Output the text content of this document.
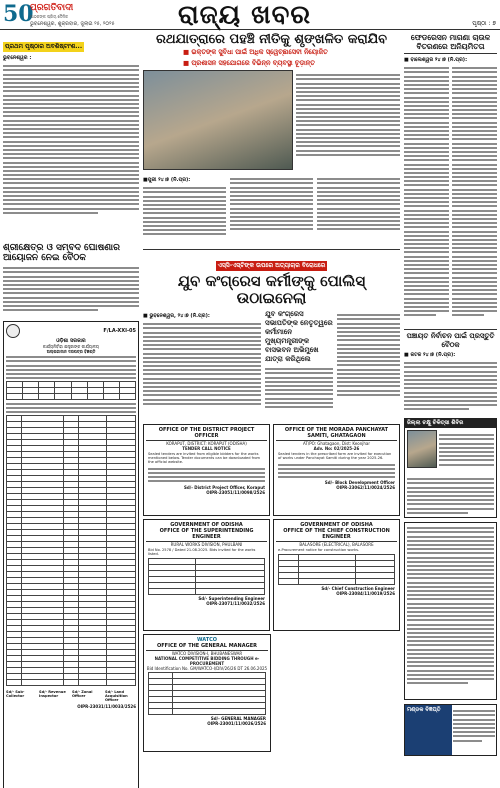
50
ପ୍ରଗତିବାଦୀ
ପାଠକଙ୍କ ପ୍ରିୟ ଦୈନିକ
ଭୁବନେଶ୍ୱର, ଶୁକ୍ରବାର, ଜୁଲାଇ ୨୫, ୨୦୨୫ ରାଜ୍ୟ ଖବର	ପୃଷ୍ଠା : ୭
ପ୍ରଥମ ପୃଷ୍ଠାର ଅବଶିଷ୍ଟାଂଶ...
ଭୁବନେଶ୍ୱର :
ଶ୍ରୀକ୍ଷେତ୍ର ଓ ସମ୍ବଦ ଘୋଷଣାର ଆୟୋଜନ ନେଇ ବୈଠକ
F/LA-XXI-05
ଓଡ଼ିଶା ସରକାର
କାର୍ଯ୍ୟନିର୍ବାହୀ ଯନ୍ତ୍ରୀଙ୍କ କାର୍ଯ୍ୟାଳୟ
ଅଲ୍ପକାଳୀନ ଦରପତ୍ର ବିଜ୍ଞପ୍ତି
Sd/- Sub-Collector
Sd/- Revenue Inspector
Sd/- Zonal Officer
Sd/- Land Acquisition Officer
OIPR-23031/11/0033/2526
ରଥଯାତ୍ରାରେ ପହଞ୍ଚି ନୀତିକୁ ଶୃଙ୍ଖଳିତ କରାଯିବ
■ ଭକ୍ତଙ୍କ ସୁବିଧା ପାଇଁ ଅଧିକ ସ୍ୱେଚ୍ଛାସେବୀ ନିୟୋଜିତ
■ ପ୍ରଶାସନ ସହଯୋଗରେ ବିଭିନ୍ନ ବ୍ୟବସ୍ଥା ଚୂଡ଼ାନ୍ତ
■ପୁରୀ ୨୪।୭ (ନି.ପ୍ର):
ଏସ୍‌ସି-ଏସ୍‌ଟିଙ୍କ ଉପରେ ଅତ୍ୟାଚାର ବିରୋଧରେ
ଯୁବ କଂଗ୍ରେସ କର୍ମୀଙ୍କୁ ପୋଲିସ୍ ଉଠାଇନେଲା
■ ଭୁବନେଶ୍ୱର, ୨୪।୭ (ନି.ପ୍ର):	ଯୁବ କଂଗ୍ରେସ ସଭାପତିଙ୍କ ନେତୃତ୍ୱରେ କର୍ମୀମାନେ ମୁଖ୍ୟମନ୍ତ୍ରୀଙ୍କ ବାସଭବନ ଅଭିମୁଖେ ଯାତ୍ରା କରିଥିଲେ
OFFICE OF THE DISTRICT PROJECT OFFICER
KORAPUT, DISTRICT: KORAPUT (ODISHA)
TENDER CALL NOTICE
Sealed tenders are invited from eligible bidders for the works mentioned below. Tender documents can be downloaded from the official website.
Sd/- District Project Officer, Koraput
OIPR-23051/11/0098/2526
OFFICE OF THE MORADA PANCHAYAT SAMITI, GHATAGAON
AT/PO: Ghatagaon, Dist: Keonjhar
Adv. No: 02/2025-26
Sealed tenders in the prescribed form are invited for execution of works under Panchayat Samiti during the year 2025-26.
Sd/- Block Development Officer
OIPR-23062/11/0024/2526
GOVERNMENT OF ODISHA
OFFICE OF THE SUPERINTENDING ENGINEER
RURAL WORKS DIVISION, PHULBANI
Bid No. 2578 / Dated 21.08.2025. Bids invited for the works listed.
Sd/- Superintending Engineer
OIPR-23071/11/0032/2526
GOVERNMENT OF ODISHA
OFFICE OF THE CHIEF CONSTRUCTION ENGINEER
BALASORE (ELECTRICAL), BALASORE
e-Procurement notice for construction works.
Sd/- Chief Construction Engineer
OIPR-23084/11/0019/2526
WATCO
OFFICE OF THE GENERAL MANAGER
WATCO DIVISION-I, BHUBANESWAR
NATIONAL COMPETITIVE BIDDING THROUGH e-PROCUREMENT
Bid Identification No. GM/WATCO-I/DIV/26/26 DT 26.06.2025
Sd/- GENERAL MANAGER
OIPR-23001/11/0026/2526
ଫେଡରେସନ ମାଗଣା ଚାଉଳ ବିତରଣରେ ଅନିୟମିତତା
■ ବାଲେଶ୍ୱର ୨୪।୭ (ନି.ପ୍ର):
ପଞ୍ଚାୟତ ନିର୍ବାଚନ ପାଇଁ ପ୍ରସ୍ତୁତି ବୈଠକ
■ କଟକ ୨୪।୭ (ନି.ପ୍ର):
ଜିଲ୍ଲା ଚକ୍ଷୁ ଚିକିତ୍ସା ଶିବିର
ମଣ୍ଡଳ ବିଜ୍ଞପ୍ତି
